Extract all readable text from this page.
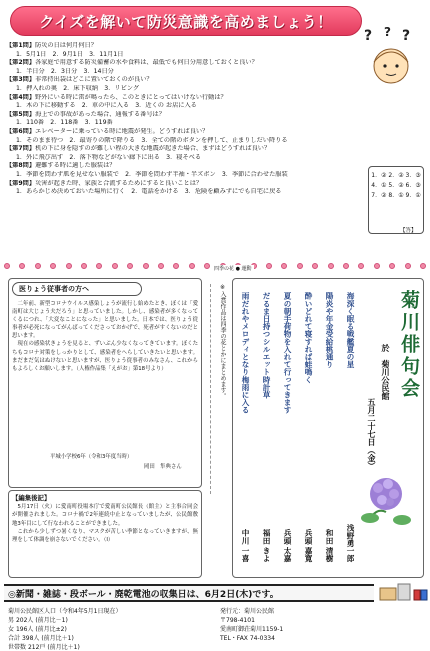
クイズを解いて防災意識を高めましょう！
? ? ?
【第1問】防災の日は何月何日？
1．5月1日　2．9月1日　3．11月1日
【第2問】各家庭で用意する防災備蓄の水や食料は、最低でも何日分用意しておくと良い？
1．半日分　2．3日分　3．14日分
【第3問】非常持出袋はどこに置いておくのが良い？
1．押入れの奥　2．床下収納　3．リビング
【第4問】野外にいる時に雷が鳴ったら、このときにとってはいけない行動は？
1．木の下に移動する　2．車の中に入る　3．近くの お店に入る
【第5問】海上での事故があった場合、通報する番号は？
1．110番　2．118番　3．119番
【第6問】エレベーターに乗っている時に地震が発生。どうすれば良い？
1．そのまま待つ　2．最寄りの階で降りる　3．全ての階のボタンを押して、止まりしだい降りる
【第7問】机の下に身を隠すのが難しい程の大きな地震が起きた場合、まずはどうすれば良い？
1．外に飛び出す　2．落下物などがない廊下に出る　3．寝そべる
【第8問】避難する時に適した服装は？
1．季節を問わず肌を見せない服装で　2．季節を問わず半袖・半ズボン　3．季節に合わせた服装
【第9問】災害が起きた時、家族と合流するためにすると良いことは？
1．あらかじめ決めておいた場所に行く　2．電話をかける　3．危険を顧みずにでも自宅に戻る
1．② 2．② 3．③
4．① 5．② 6．③
7．② 8．① 9．①
【答】
四季の花 ● 運動
医りょう従事者の方へ
　二年前、新型コロナウイルス感染しょうが流行し始めたとき、ぼくは「愛南町は大じょう夫だろう」と思っていました。しかし、感染者が多くなってくるにつれ、「大変なことになった」と思いました。日本では、医りょう従事者が必死になってがんばってくださっておかげで、死者がすくないのだと思います。
　現在の感染状きょうを見ると、ずいぶん少なくなってきています。ぼくたちもコロナ対策をしっかりとして、感染者をへらしていきたいと思います。まだまだ気はぬけないと思いますが、医りょう従事者のみなさん、これからもよろしくお願いします。（人権作品集「えがお」第18号より）
平城小学校6年（令和3年度当時）
岡田　隼典さん
【編集後記】
　5月17日（火）に愛南町役場本庁で愛南町公民館長（館主）と主事合同会が開催されました。コロナ禍で2年連続中止となっていましたが、公民館敷地3年目にして行なわれることができました。
　これから少しずつ暑くなり、マスクが苦しい季節となっていきますが、無理をして体調を崩さないでください。（I）
※入賞作品は四季の花とかにまとめます。	菊川俳句会
於　菊川公民館
五月二十七日（金）
海深く眠る戦艦夏の星
浅野勇一郎
陽炎や年金受給桃通り
和田 清樹
酔いどれて寝すれば蛙鳴く
兵頭 嘉寛
夏の朝手荷物を入れて行ってきます
兵頭 太嘉
だるま日持つシルエット時計草
福田 きよ
雨だれやメロディとなり梅雨に入る
中川 一喜
◎新聞・雑誌・段ボール・廃乾電池の収集日は、6月2日(木)です。
菊川公民館区人口（令和4年5月1日現在）
男 202人 (前月比－1)
女 196人 (前月比±2)
合計 398人 (前月比＋1)
世帯数 212戸 (前月比＋1)
発行元：菊川公民館
〒798-4101
愛南町御荘菊川1159-1
TEL・FAX 74-0334
